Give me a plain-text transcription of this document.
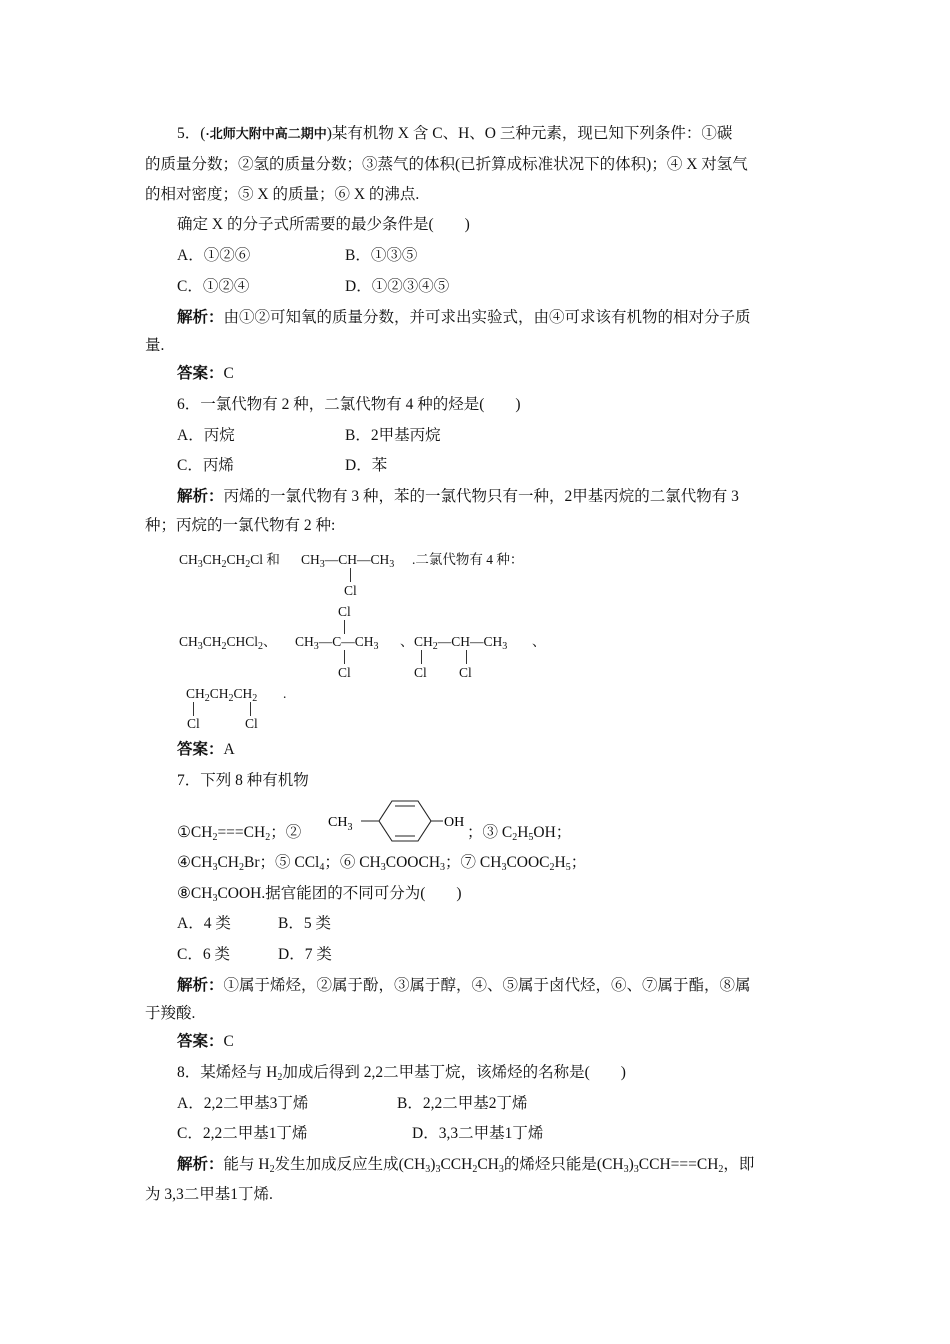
5．(·北师大附中高二期中)某有机物 X 含 C、H、O 三种元素，现已知下列条件：①碳
的质量分数；②氢的质量分数；③蒸气的体积(已折算成标准状况下的体积)；④ X 对氢气
的相对密度；⑤ X 的质量；⑥ X 的沸点.
确定 X 的分子式所需要的最少条件是(　　)
A．①②⑥	B．①③⑤
C．①②④	D．①②③④⑤
解析：由①②可知氧的质量分数，并可求出实验式，由④可求该有机物的相对分子质
量.
答案：C
6．一氯代物有 2 种，二氯代物有 4 种的烃是(　　)
A．丙烷	B．2甲基丙烷
C．丙烯	D．苯
解析：丙烯的一氯代物有 3 种，苯的一氯代物只有一种，2甲基丙烷的二氯代物有 3
种；丙烷的一氯代物有 2 种:
$CH_3CH_2CH_2Cl$ 和 $CH_3—CH—CH_3$ .二氯代物有 4 种：
Cl
Cl
$CH_3CH_2CHCl_2$、 $CH_3—C—CH_3$ 、 $CH_2—CH—CH_3$ 、
Cl	Cl Cl
$CH_2CH_2CH_2$ .
Cl	Cl
答案：A
7．下列 8 种有机物
$①CH_2===CH_2$；②
$CH_3$	OH
；③ $C_2H_5OH$；
$④CH_3CH_2Br$；⑤ CCl$_4$；⑥ $CH_3COOCH_3$；⑦ $CH_3COOC_2H_5$；
$⑧CH_3COOH$.据官能团的不同可分为(　　)
A．4 类	B．5 类
C．6 类	D．7 类
解析：①属于烯烃，②属于酚，③属于醇，④、⑤属于卤代烃，⑥、⑦属于酯，⑧属
于羧酸.
答案：C
8．某烯烃与 $H_2$加成后得到 2,2二甲基丁烷，该烯烃的名称是(　　)
A．2,2二甲基3丁烯	B．2,2二甲基2丁烯
C．2,2二甲基1丁烯	D．3,3二甲基1丁烯
解析：能与 $H_2$发生加成反应生成$(CH_3)_3CCH_2CH_3$的烯烃只能是$(CH_3)_3CCH===CH_2$，即
为 3,3二甲基1丁烯.
